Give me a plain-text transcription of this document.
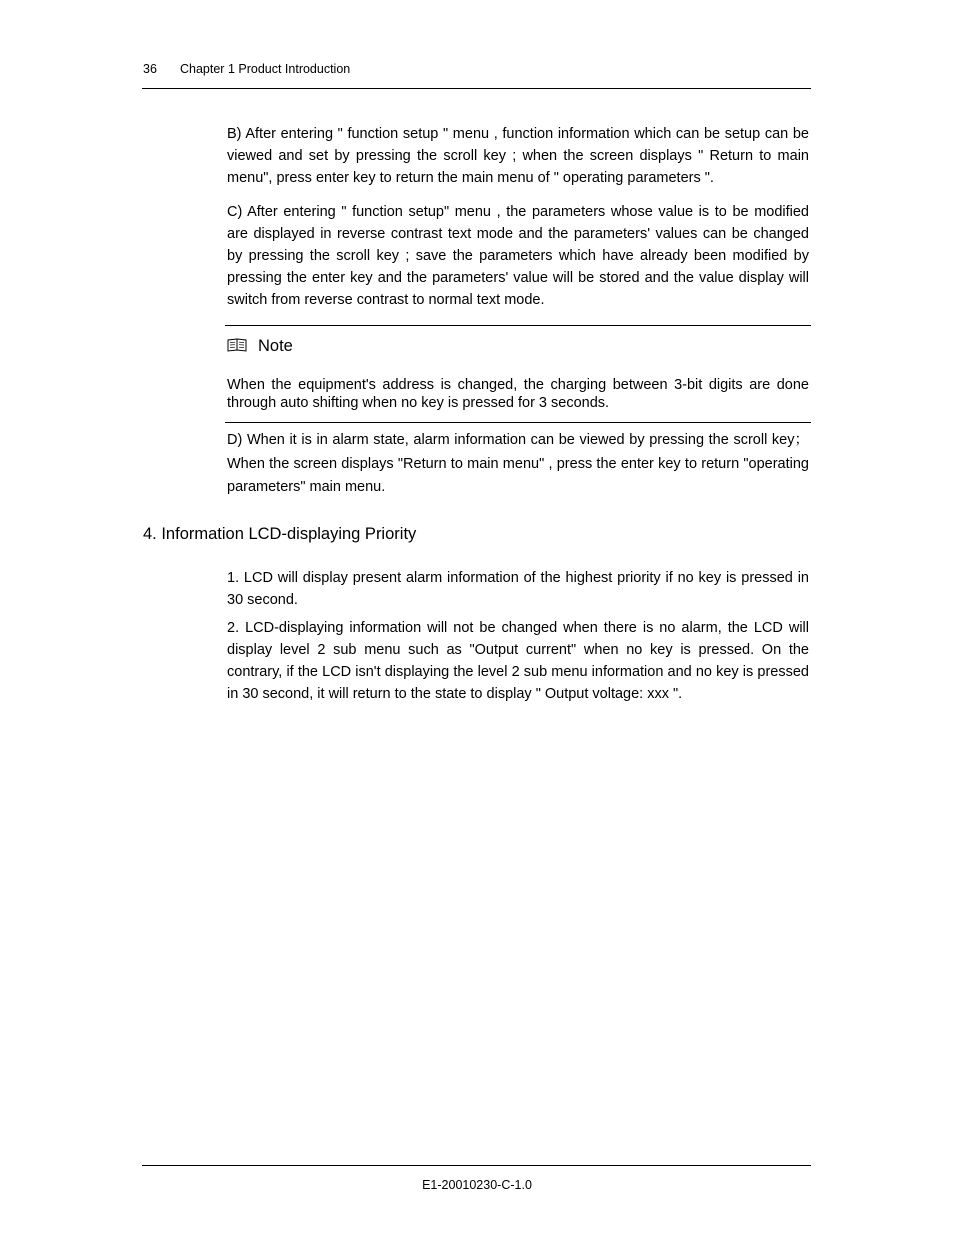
36 Chapter 1 Product Introduction

B) After entering " function setup " menu , function information which can be setup can be viewed and set by pressing the scroll key ; when the screen displays " Return to main menu", press enter key to return the main menu of " operating parameters ".

C) After entering " function setup" menu , the parameters whose value is to be modified are displayed in reverse contrast text mode and the parameters' values can be changed by pressing the scroll key ; save the parameters which have already been modified by pressing the enter key and the parameters' value will be stored and the value display will switch from reverse contrast to normal text mode.

Note

When the equipment's address is changed, the charging between 3-bit digits are done through auto shifting when no key is pressed for 3 seconds.

D) When it is in alarm state, alarm information can be viewed by pressing the scroll key；When the screen displays "Return to main menu" , press the enter key to return "operating parameters" main menu.

4. Information LCD-displaying Priority

1. LCD will display present alarm information of the highest priority if no key is pressed in 30 second.

2. LCD-displaying information will not be changed when there is no alarm, the LCD will display level 2 sub menu such as "Output current" when no key is pressed. On the contrary, if the LCD isn't displaying the level 2 sub menu information and no key is pressed in 30 second, it will return to the state to display " Output voltage: xxx ".

E1-20010230-C-1.0
